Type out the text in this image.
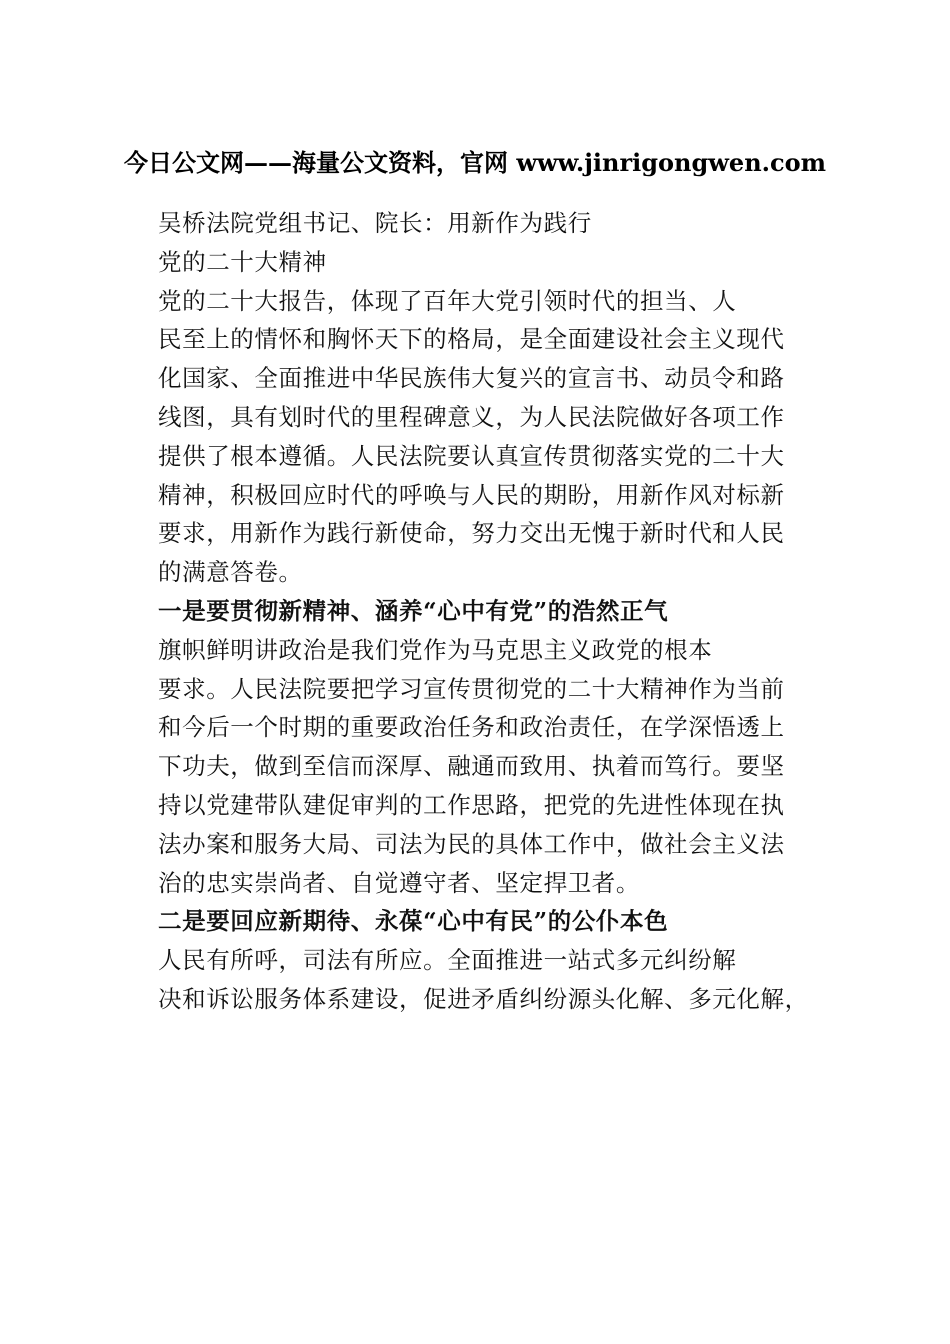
今日公文网——海量公文资料，官网 www.jinrigongwen.com
吴桥法院党组书记、院长：用新作为践行
党的二十大精神
党的二十大报告，体现了百年大党引领时代的担当、人
民至上的情怀和胸怀天下的格局，是全面建设社会主义现代
化国家、全面推进中华民族伟大复兴的宣言书、动员令和路
线图，具有划时代的里程碑意义，为人民法院做好各项工作
提供了根本遵循。人民法院要认真宣传贯彻落实党的二十大
精神，积极回应时代的呼唤与人民的期盼，用新作风对标新
要求，用新作为践行新使命，努力交出无愧于新时代和人民
的满意答卷。
一是要贯彻新精神、涵养“心中有党”的浩然正气
旗帜鲜明讲政治是我们党作为马克思主义政党的根本
要求。人民法院要把学习宣传贯彻党的二十大精神作为当前
和今后一个时期的重要政治任务和政治责任，在学深悟透上
下功夫，做到至信而深厚、融通而致用、执着而笃行。要坚
持以党建带队建促审判的工作思路，把党的先进性体现在执
法办案和服务大局、司法为民的具体工作中，做社会主义法
治的忠实崇尚者、自觉遵守者、坚定捍卫者。
二是要回应新期待、永葆“心中有民”的公仆本色
人民有所呼，司法有所应。全面推进一站式多元纠纷解
决和诉讼服务体系建设，促进矛盾纠纷源头化解、多元化解，
